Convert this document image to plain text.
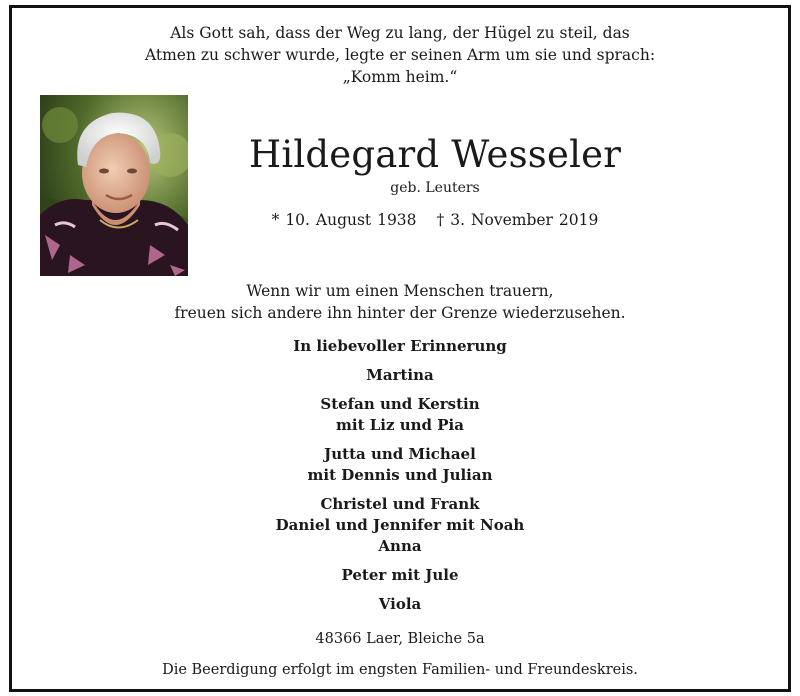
Als Gott sah, dass der Weg zu lang, der Hügel zu steil, das
Atmen zu schwer wurde, legte er seinen Arm um sie und sprach:
„Komm heim.“
Hildegard Wesseler
geb. Leuters
* 10. August 1938 † 3. November 2019
Wenn wir um einen Menschen trauern,
freuen sich andere ihn hinter der Grenze wiederzusehen.
In liebevoller Erinnerung
Martina
Stefan und Kerstin
mit Liz und Pia
Jutta und Michael
mit Dennis und Julian
Christel und Frank
Daniel und Jennifer mit Noah
Anna
Peter mit Jule
Viola
48366 Laer, Bleiche 5a
Die Beerdigung erfolgt im engsten Familien- und Freundeskreis.
